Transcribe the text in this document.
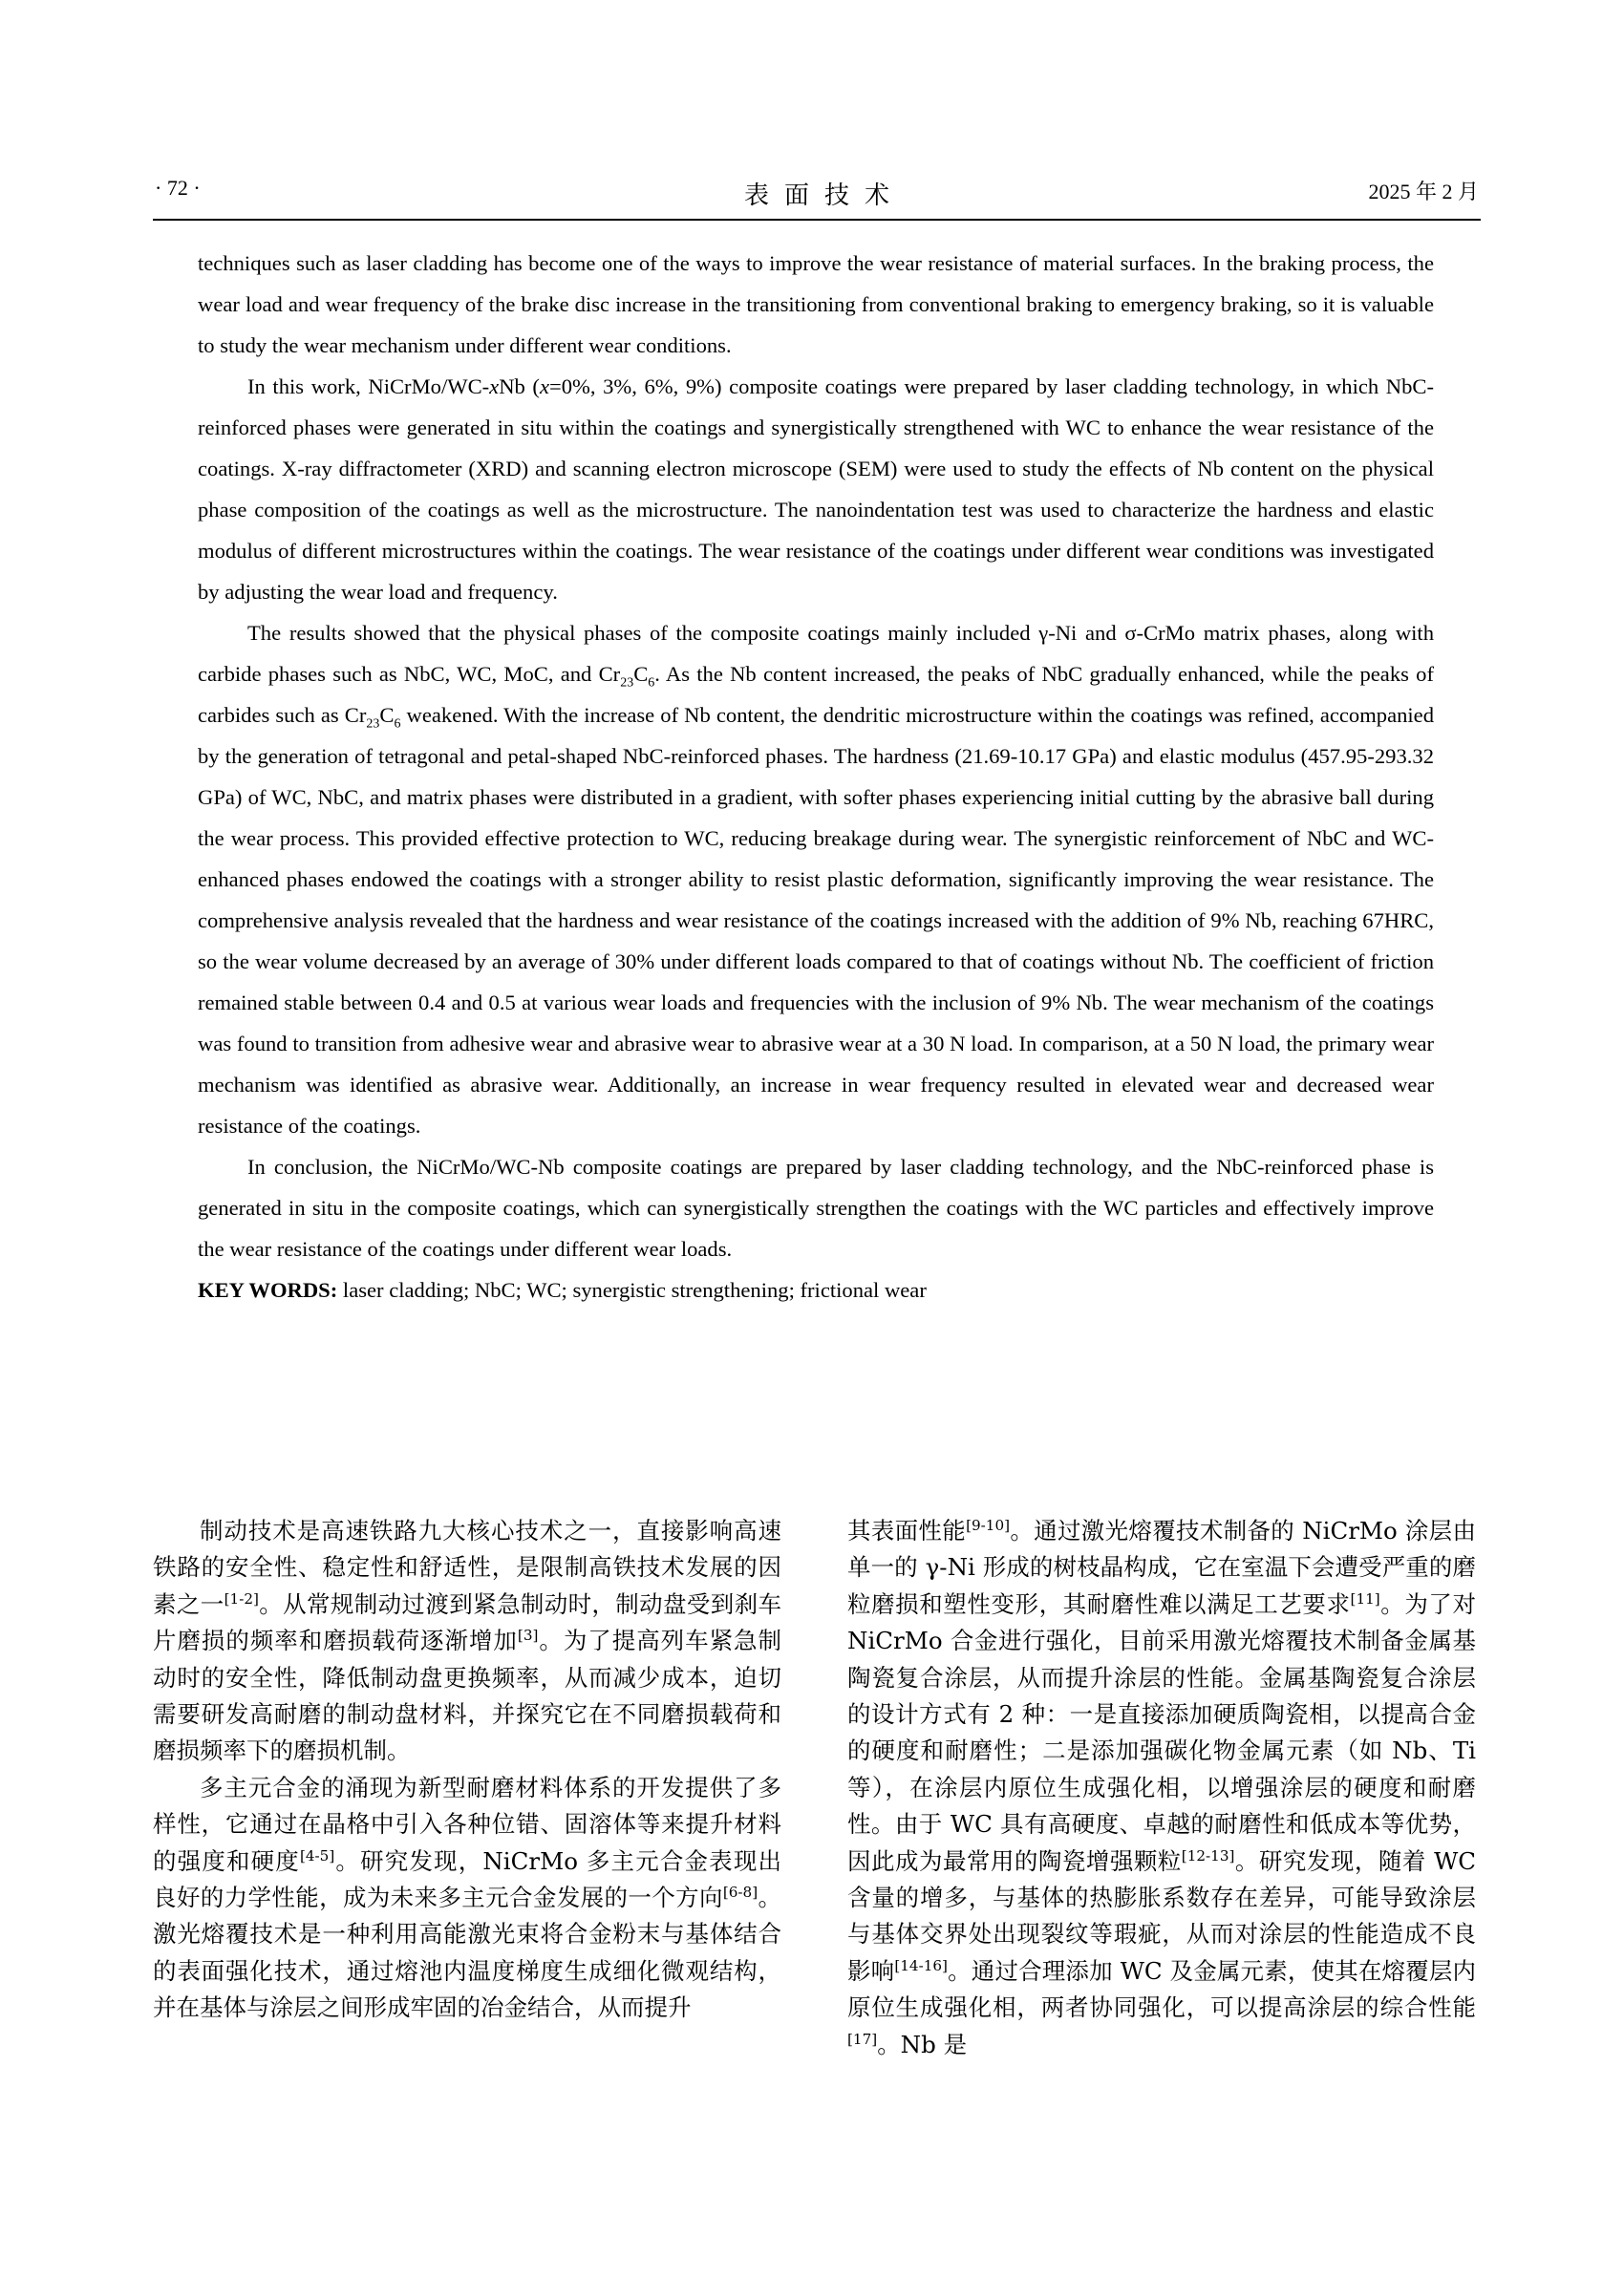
· 72 ·	表面技术	2025 年 2 月

techniques such as laser cladding has become one of the ways to improve the wear resistance of material surfaces. In the braking process, the wear load and wear frequency of the brake disc increase in the transitioning from conventional braking to emergency braking, so it is valuable to study the wear mechanism under different wear conditions.

In this work, NiCrMo/WC-xNb (x=0%, 3%, 6%, 9%) composite coatings were prepared by laser cladding technology, in which NbC-reinforced phases were generated in situ within the coatings and synergistically strengthened with WC to enhance the wear resistance of the coatings. X-ray diffractometer (XRD) and scanning electron microscope (SEM) were used to study the effects of Nb content on the physical phase composition of the coatings as well as the microstructure. The nanoindentation test was used to characterize the hardness and elastic modulus of different microstructures within the coatings. The wear resistance of the coatings under different wear conditions was investigated by adjusting the wear load and frequency.

The results showed that the physical phases of the composite coatings mainly included γ-Ni and σ-CrMo matrix phases, along with carbide phases such as NbC, WC, MoC, and $Cr_{23}C_6$. As the Nb content increased, the peaks of NbC gradually enhanced, while the peaks of carbides such as $Cr_{23}C_6$ weakened. With the increase of Nb content, the dendritic microstructure within the coatings was refined, accompanied by the generation of tetragonal and petal-shaped NbC-reinforced phases. The hardness (21.69-10.17 GPa) and elastic modulus (457.95-293.32 GPa) of WC, NbC, and matrix phases were distributed in a gradient, with softer phases experiencing initial cutting by the abrasive ball during the wear process. This provided effective protection to WC, reducing breakage during wear. The synergistic reinforcement of NbC and WC-enhanced phases endowed the coatings with a stronger ability to resist plastic deformation, significantly improving the wear resistance. The comprehensive analysis revealed that the hardness and wear resistance of the coatings increased with the addition of 9% Nb, reaching 67HRC, so the wear volume decreased by an average of 30% under different loads compared to that of coatings without Nb. The coefficient of friction remained stable between 0.4 and 0.5 at various wear loads and frequencies with the inclusion of 9% Nb. The wear mechanism of the coatings was found to transition from adhesive wear and abrasive wear to abrasive wear at a 30 N load. In comparison, at a 50 N load, the primary wear mechanism was identified as abrasive wear. Additionally, an increase in wear frequency resulted in elevated wear and decreased wear resistance of the coatings.

In conclusion, the NiCrMo/WC-Nb composite coatings are prepared by laser cladding technology, and the NbC-reinforced phase is generated in situ in the composite coatings, which can synergistically strengthen the coatings with the WC particles and effectively improve the wear resistance of the coatings under different wear loads.

KEY WORDS: laser cladding; NbC; WC; synergistic strengthening; frictional wear

制动技术是高速铁路九大核心技术之一，直接影响高速铁路的安全性、稳定性和舒适性，是限制高铁技术发展的因素之一[1-2]。从常规制动过渡到紧急制动时，制动盘受到刹车片磨损的频率和磨损载荷逐渐增加[3]。为了提高列车紧急制动时的安全性，降低制动盘更换频率，从而减少成本，迫切需要研发高耐磨的制动盘材料，并探究它在不同磨损载荷和磨损频率下的磨损机制。

多主元合金的涌现为新型耐磨材料体系的开发提供了多样性，它通过在晶格中引入各种位错、固溶体等来提升材料的强度和硬度[4-5]。研究发现，NiCrMo 多主元合金表现出良好的力学性能，成为未来多主元合金发展的一个方向[6-8]。激光熔覆技术是一种利用高能激光束将合金粉末与基体结合的表面强化技术，通过熔池内温度梯度生成细化微观结构，并在基体与涂层之间形成牢固的冶金结合，从而提升

其表面性能[9-10]。通过激光熔覆技术制备的 NiCrMo 涂层由单一的 γ-Ni 形成的树枝晶构成，它在室温下会遭受严重的磨粒磨损和塑性变形，其耐磨性难以满足工艺要求[11]。为了对 NiCrMo 合金进行强化，目前采用激光熔覆技术制备金属基陶瓷复合涂层，从而提升涂层的性能。金属基陶瓷复合涂层的设计方式有 2 种：一是直接添加硬质陶瓷相，以提高合金的硬度和耐磨性；二是添加强碳化物金属元素（如 Nb、Ti 等），在涂层内原位生成强化相，以增强涂层的硬度和耐磨性。由于 WC 具有高硬度、卓越的耐磨性和低成本等优势，因此成为最常用的陶瓷增强颗粒[12-13]。研究发现，随着 WC 含量的增多，与基体的热膨胀系数存在差异，可能导致涂层与基体交界处出现裂纹等瑕疵，从而对涂层的性能造成不良影响[14-16]。通过合理添加 WC 及金属元素，使其在熔覆层内原位生成强化相，两者协同强化，可以提高涂层的综合性能[17]。Nb 是
